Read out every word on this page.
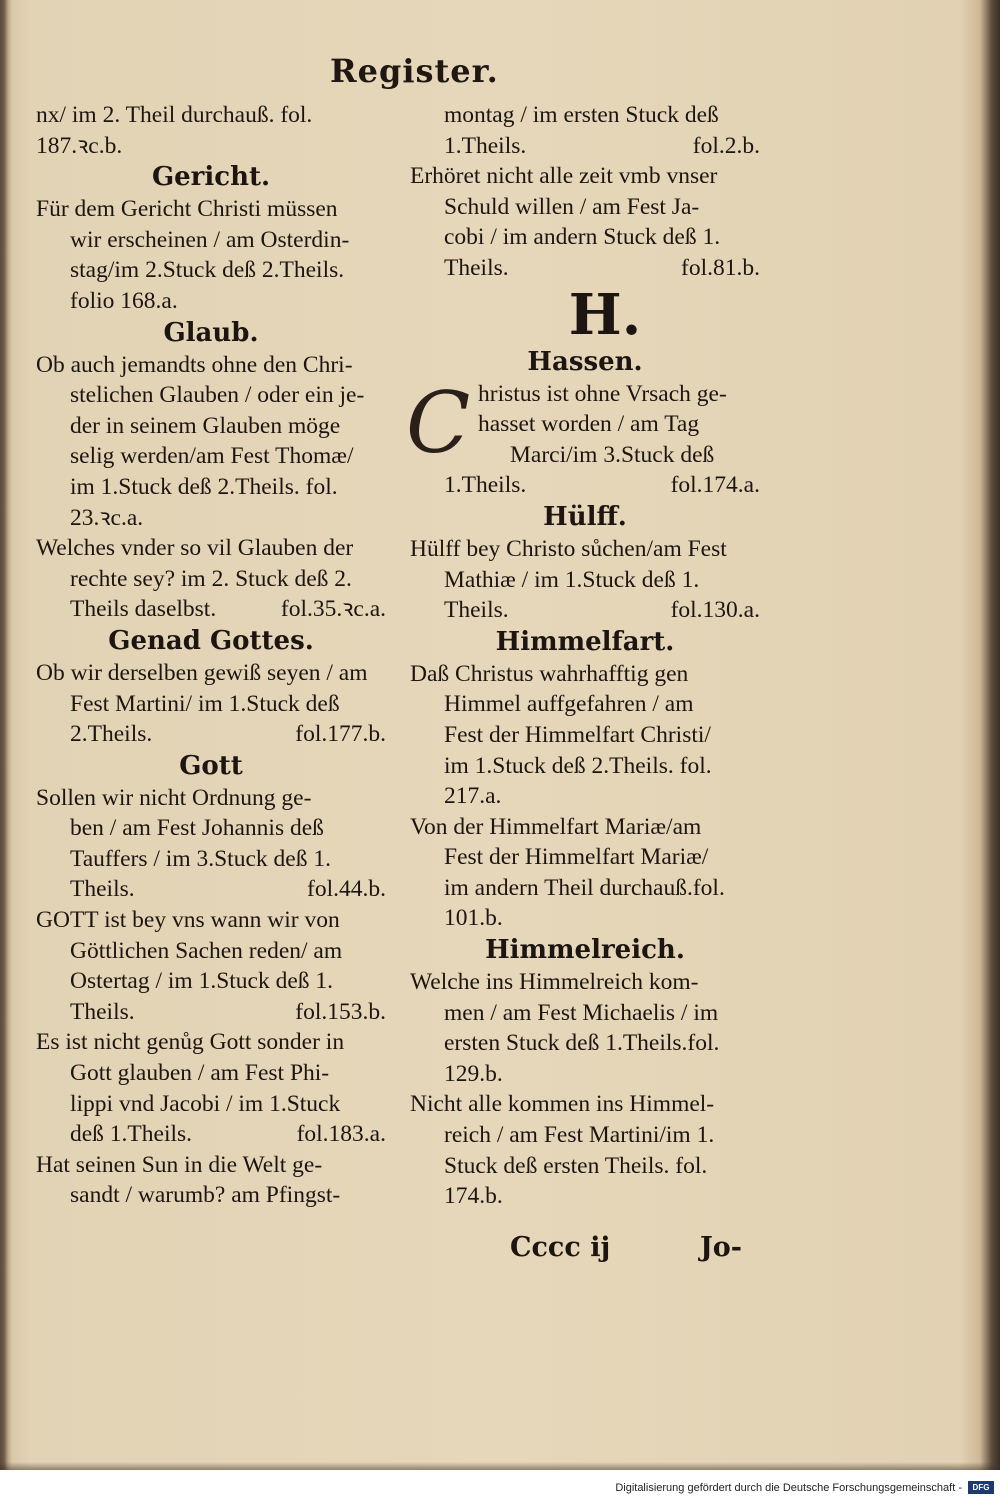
Register.
nx/ im 2. Theil durchauß. fol.
187.ꝛc.b.
Gericht.
Für dem Gericht Christi müssen
wir erscheinen / am Osterdin-
stag/im 2.Stuck deß 2.Theils.
folio 168.a.
Glaub.
Ob auch jemandts ohne den Chri-
stelichen Glauben / oder ein je-
der in seinem Glauben möge
selig werden/am Fest Thomæ/
im 1.Stuck deß 2.Theils. fol.
23.ꝛc.a.
Welches vnder so vil Glauben der
rechte sey? im 2. Stuck deß 2.
Theils daselbst.	fol.35.ꝛc.a.
Genad Gottes.
Ob wir derselben gewiß seyen / am
Fest Martini/ im 1.Stuck deß
2.Theils.	fol.177.b.
Gott
Sollen wir nicht Ordnung ge-
ben / am Fest Johannis deß
Tauffers / im 3.Stuck deß 1.
Theils.	fol.44.b.
GOTT ist bey vns wann wir von
Göttlichen Sachen reden/ am
Ostertag / im 1.Stuck deß 1.
Theils.	fol.153.b.
Es ist nicht genůg Gott sonder in
Gott glauben / am Fest Phi-
lippi vnd Jacobi / im 1.Stuck
deß 1.Theils.	fol.183.a.
Hat seinen Sun in die Welt ge-
sandt / warumb? am Pfingst-
montag / im ersten Stuck deß
1.Theils.	fol.2.b.
Erhöret nicht alle zeit vmb vnser
Schuld willen / am Fest Ja-
cobi / im andern Stuck deß 1.
Theils.	fol.81.b.
H.
Hassen.
C hristus ist ohne Vrsach ge-
hasset worden / am Tag
Marci/im 3.Stuck deß
1.Theils.	fol.174.a.
Hülff.
Hülff bey Christo sůchen/am Fest
Mathiæ / im 1.Stuck deß 1.
Theils.	fol.130.a.
Himmelfart.
Daß Christus wahrhafftig gen
Himmel auffgefahren / am
Fest der Himmelfart Christi/
im 1.Stuck deß 2.Theils. fol.
217.a.
Von der Himmelfart Mariæ/am
Fest der Himmelfart Mariæ/
im andern Theil durchauß.fol.
101.b.
Himmelreich.
Welche ins Himmelreich kom-
men / am Fest Michaelis / im
ersten Stuck deß 1.Theils.fol.
129.b.
Nicht alle kommen ins Himmel-
reich / am Fest Martini/im 1.
Stuck deß ersten Theils. fol.
174.b.
Cccc ij	Jo-
Digitalisierung gefördert durch die Deutsche Forschungsgemeinschaft -	DFG
